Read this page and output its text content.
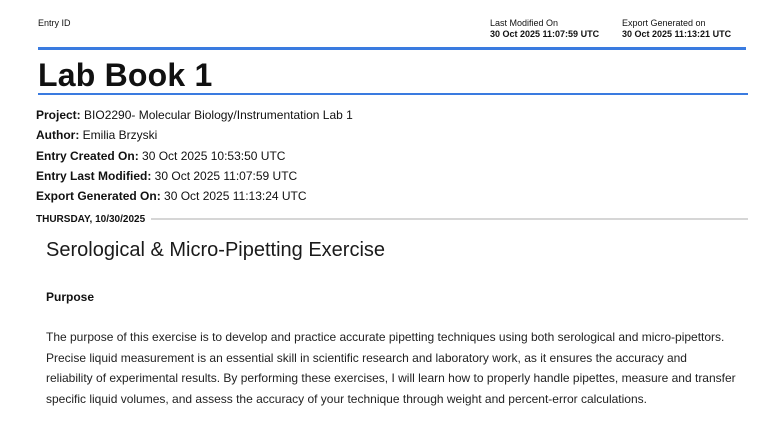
Entry ID	Last Modified On
30 Oct 2025 11:07:59 UTC
Export Generated on
30 Oct 2025 11:13:21 UTC
Lab Book 1
Project: BIO2290- Molecular Biology/Instrumentation Lab 1
Author: Emilia Brzyski
Entry Created On: 30 Oct 2025 10:53:50 UTC
Entry Last Modified: 30 Oct 2025 11:07:59 UTC
Export Generated On: 30 Oct 2025 11:13:24 UTC
THURSDAY, 10/30/2025
Serological & Micro-Pipetting Exercise
Purpose
The purpose of this exercise is to develop and practice accurate pipetting techniques using both serological and micro-pipettors. Precise liquid measurement is an essential skill in scientific research and laboratory work, as it ensures the accuracy and reliability of experimental results. By performing these exercises, I will learn how to properly handle pipettes, measure and transfer specific liquid volumes, and assess the accuracy of your technique through weight and percent-error calculations.
